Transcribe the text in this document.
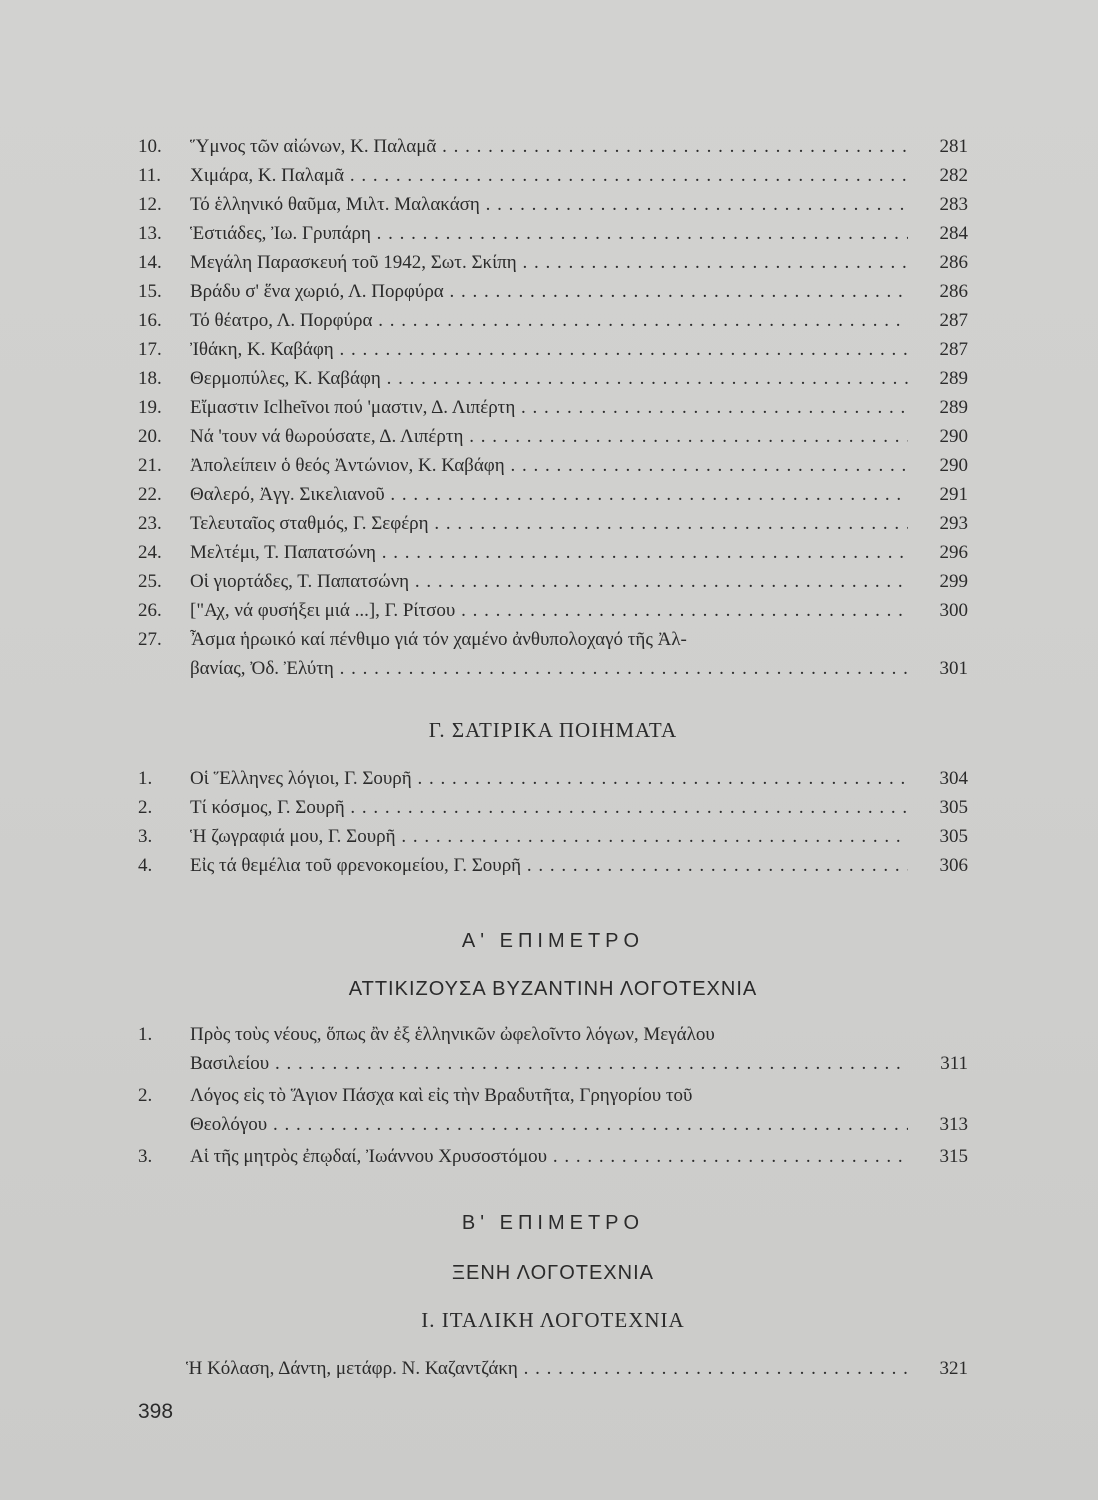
10.	Ὕμνος τῶν αἰώνων, Κ. Παλαμᾶ . . .	281
11.	Χιμάρα, Κ. Παλαμᾶ . . .	282
12.	Τό ἑλληνικό θαῦμα, Μιλτ. Μαλακάση . . .	283
13.	Ἑστιάδες, Ἰω. Γρυπάρη . . .	284
14.	Μεγάλη Παρασκευή τοῦ 1942, Σωτ. Σκίπη . . .	286
15.	Βράδυ σ' ἕνα χωριό, Λ. Πορφύρα . . .	286
16.	Τό θέατρο, Λ. Πορφύρα . . .	287
17.	Ἰθάκη, Κ. Καβάφη . . .	287
18.	Θερμοπύλες, Κ. Καβάφη . . .	289
19.	Εἴμαστιν Ιclheῖνοι πού 'μαστιν, Δ. Λιπέρτη . . .	289
20.	Νά 'τουν νά θωρούσατε, Δ. Λιπέρτη . . .	290
21.	Ἀπολείπειν ὁ θεός Ἀντώνιον, Κ. Καβάφη . . .	290
22.	Θαλερό, Ἀγγ. Σικελιανοῦ . . .	291
23.	Τελευταῖος σταθμός, Γ. Σεφέρη . . .	293
24.	Μελτέμι, Τ. Παπατσώνη . . .	296
25.	Οἱ γιορτάδες, Τ. Παπατσώνη . . .	299
26.	["Αχ, νά φυσήξει μιά ...], Γ. Ρίτσου . . .	300
27.	Ἆσμα ἡρωικό καί πένθιμο γιά τόν χαμένο ἀνθυπολοχαγό τῆς Ἀλ-
βανίας, Ὀδ. Ἐλύτη . . .	301
Γ. ΣΑΤΙΡΙΚΑ ΠΟΙΗΜΑΤΑ
1.	Οἱ Ἕλληνες λόγιοι, Γ. Σουρῆ . . .	304
2.	Τί κόσμος, Γ. Σουρῆ . . .	305
3.	Ἡ ζωγραφιά μου, Γ. Σουρῆ . . .	305
4.	Εἰς τά θεμέλια τοῦ φρενοκομείου, Γ. Σουρῆ . . .	306
Α' ΕΠΙΜΕΤΡΟ
ΑΤΤΙΚΙΖΟΥΣΑ ΒΥΖΑΝΤΙΝΗ ΛΟΓΟΤΕΧΝΙΑ
1.	Πρὸς τοὺς νέους, ὅπως ἂν ἐξ ἑλληνικῶν ὠφελοῖντο λόγων, Μεγάλου
Βασιλείου . . .	311
2.	Λόγος εἰς τὸ Ἅγιον Πάσχα καὶ εἰς τὴν Βραδυτῆτα, Γρηγορίου τοῦ
Θεολόγου . . .	313
3.	Αἱ τῆς μητρὸς ἐπῳδαί, Ἰωάννου Χρυσοστόμου . . .	315
Β' ΕΠΙΜΕΤΡΟ
ΞΕΝΗ ΛΟΓΟΤΕΧΝΙΑ
Ι. ΙΤΑΛΙΚΗ ΛΟΓΟΤΕΧΝΙΑ
Ἡ Κόλαση, Δάντη, μετάφρ. Ν. Καζαντζάκη . . .	321
398
